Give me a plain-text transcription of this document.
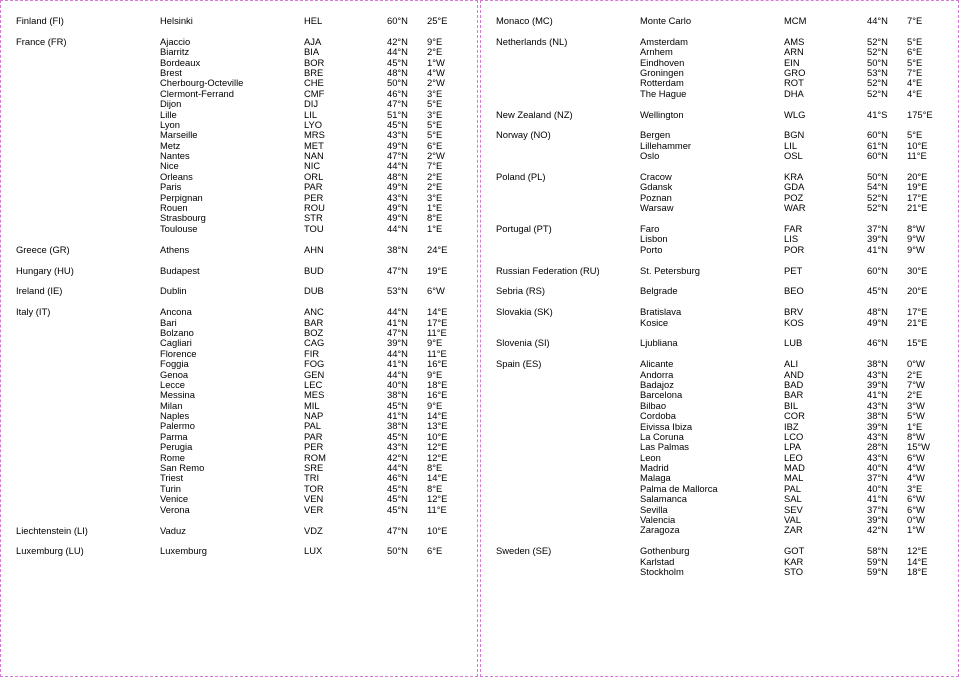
Finland (FI)	Helsinki	HEL	60°N 25°E
France (FR)	Ajaccio	AJA	42°N 9°E
Biarritz	BIA	44°N 2°E
Bordeaux	BOR	45°N 1°W
Brest	BRE	48°N 4°W
Cherbourg-Octeville	CHE	50°N 2°W
Clermont-Ferrand	CMF	46°N 3°E
Dijon	DIJ	47°N 5°E
Lille	LIL	51°N 3°E
Lyon	LYO	45°N 5°E
Marseille	MRS	43°N 5°E
Metz	MET	49°N 6°E
Nantes	NAN	47°N 2°W
Nice	NIC	44°N 7°E
Orleans	ORL	48°N 2°E
Paris	PAR	49°N 2°E
Perpignan	PER	43°N 3°E
Rouen	ROU	49°N 1°E
Strasbourg	STR	49°N 8°E
Toulouse	TOU	44°N 1°E
Greece (GR)	Athens	AHN	38°N 24°E
Hungary (HU)	Budapest	BUD	47°N 19°E
Ireland (IE)	Dublin	DUB	53°N 6°W
Italy (IT)	Ancona	ANC	44°N 14°E
Bari	BAR	41°N 17°E
Bolzano	BOZ	47°N 11°E
Cagliari	CAG	39°N 9°E
Florence	FIR	44°N 11°E
Foggia	FOG	41°N 16°E
Genoa	GEN	44°N 9°E
Lecce	LEC	40°N 18°E
Messina	MES	38°N 16°E
Milan	MIL	45°N 9°E
Naples	NAP	41°N 14°E
Palermo	PAL	38°N 13°E
Parma	PAR	45°N 10°E
Perugia	PER	43°N 12°E
Rome	ROM	42°N 12°E
San Remo	SRE	44°N 8°E
Triest	TRI	46°N 14°E
Turin	TOR	45°N 8°E
Venice	VEN	45°N 12°E
Verona	VER	45°N 11°E
Liechtenstein (LI)	Vaduz	VDZ	47°N 10°E
Luxemburg (LU)	Luxemburg	LUX	50°N 6°E
Monaco (MC)	Monte Carlo	MCM	44°N 7°E
Netherlands (NL)	Amsterdam	AMS	52°N 5°E
Arnhem	ARN	52°N 6°E
Eindhoven	EIN	50°N 5°E
Groningen	GRO	53°N 7°E
Rotterdam	ROT	52°N 4°E
The Hague	DHA	52°N 4°E
New Zealand (NZ)	Wellington	WLG	41°S 175°E
Norway (NO)	Bergen	BGN	60°N 5°E
Lillehammer	LIL	61°N 10°E
Oslo	OSL	60°N 11°E
Poland (PL)	Cracow	KRA	50°N 20°E
Gdansk	GDA	54°N 19°E
Poznan	POZ	52°N 17°E
Warsaw	WAR	52°N 21°E
Portugal (PT)	Faro	FAR	37°N 8°W
Lisbon	LIS	39°N 9°W
Porto	POR	41°N 9°W
Russian Federation (RU)	St. Petersburg	PET	60°N 30°E
Sebria (RS)	Belgrade	BEO	45°N 20°E
Slovakia (SK)	Bratislava	BRV	48°N 17°E
Kosice	KOS	49°N 21°E
Slovenia (SI)	Ljubliana	LUB	46°N 15°E
Spain (ES)	Alicante	ALI	38°N 0°W
Andorra	AND	43°N 2°E
Badajoz	BAD	39°N 7°W
Barcelona	BAR	41°N 2°E
Bilbao	BIL	43°N 3°W
Cordoba	COR	38°N 5°W
Eivissa Ibiza	IBZ	39°N 1°E
La Coruna	LCO	43°N 8°W
Las Palmas	LPA	28°N 15°W
Leon	LEO	43°N 6°W
Madrid	MAD	40°N 4°W
Malaga	MAL	37°N 4°W
Palma de Mallorca	PAL	40°N 3°E
Salamanca	SAL	41°N 6°W
Sevilla	SEV	37°N 6°W
Valencia	VAL	39°N 0°W
Zaragoza	ZAR	42°N 1°W
Sweden (SE)	Gothenburg	GOT	58°N 12°E
Karlstad	KAR	59°N 14°E
Stockholm	STO	59°N 18°E
